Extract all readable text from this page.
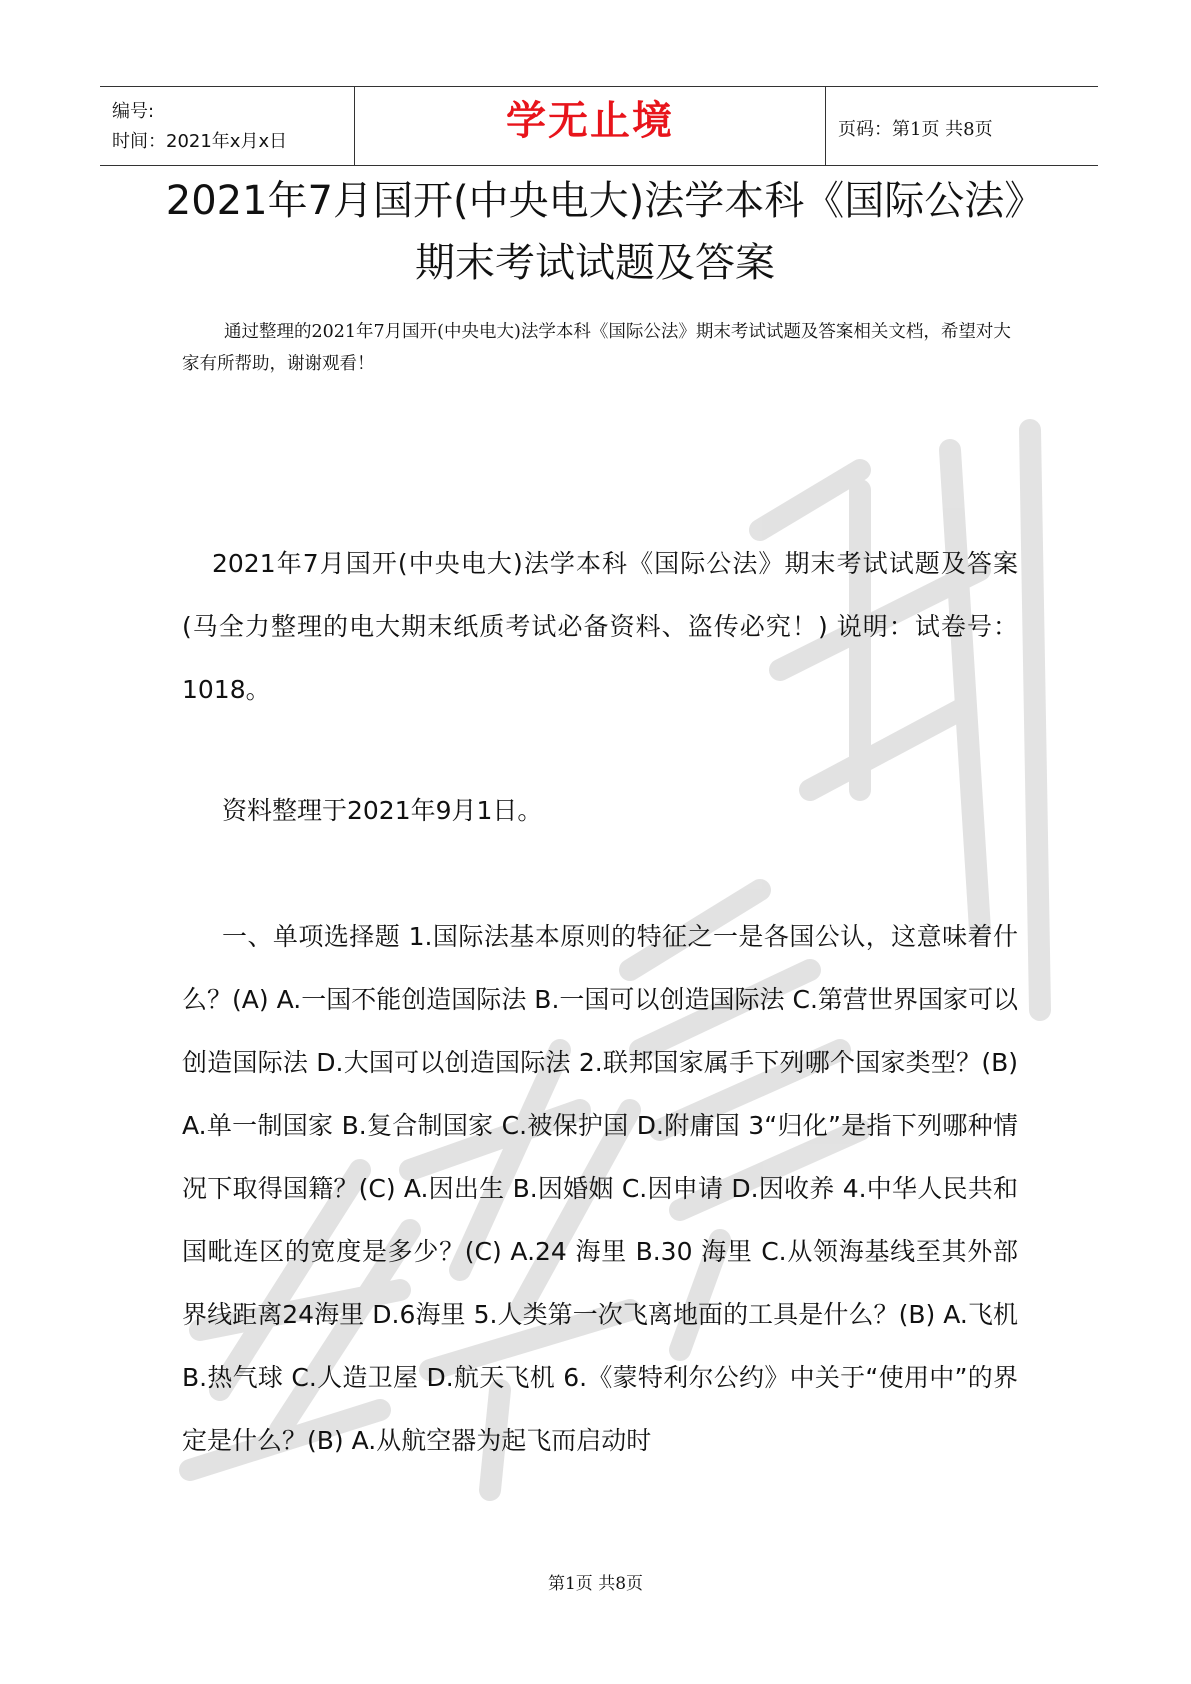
编号:
时间：2021年x月x日	学无止境	页码：第1页 共8页
2021年7月国开(中央电大)法学本科《国际公法》期末考试试题及答案
通过整理的2021年7月国开(中央电大)法学本科《国际公法》期末考试试题及答案相关文档，希望对大家有所帮助，谢谢观看！
2021年7月国开(中央电大)法学本科《国际公法》期末考试试题及答案 (马全力整理的电大期末纸质考试必备资料、盗传必究！) 说明：试卷号：1018。
资料整理于2021年9月1日。
一、单项选择题 1.国际法基本原则的特征之一是各国公认，这意味着什么？(A) A.一国不能创造国际法 B.一国可以创造国际法 C.第营世界国家可以创造国际法 D.大国可以创造国际法 2.联邦国家属手下列哪个国家类型？(B) A.单一制国家 B.复合制国家 C.被保护国 D.附庸国 3“归化”是指下列哪种情况下取得国籍？(C) A.因出生 B.因婚姻 C.因申请 D.因收养 4.中华人民共和国毗连区的宽度是多少？(C) A.24 海里 B.30 海里 C.从领海基线至其外部界线距离24海里 D.6海里 5.人类第一次飞离地面的工具是什么？(B) A.飞机 B.热气球 C.人造卫屋 D.航天飞机 6.《蒙特利尔公约》中关于“使用中”的界定是什么？(B) A.从航空器为起飞而启动时
第1页 共8页
